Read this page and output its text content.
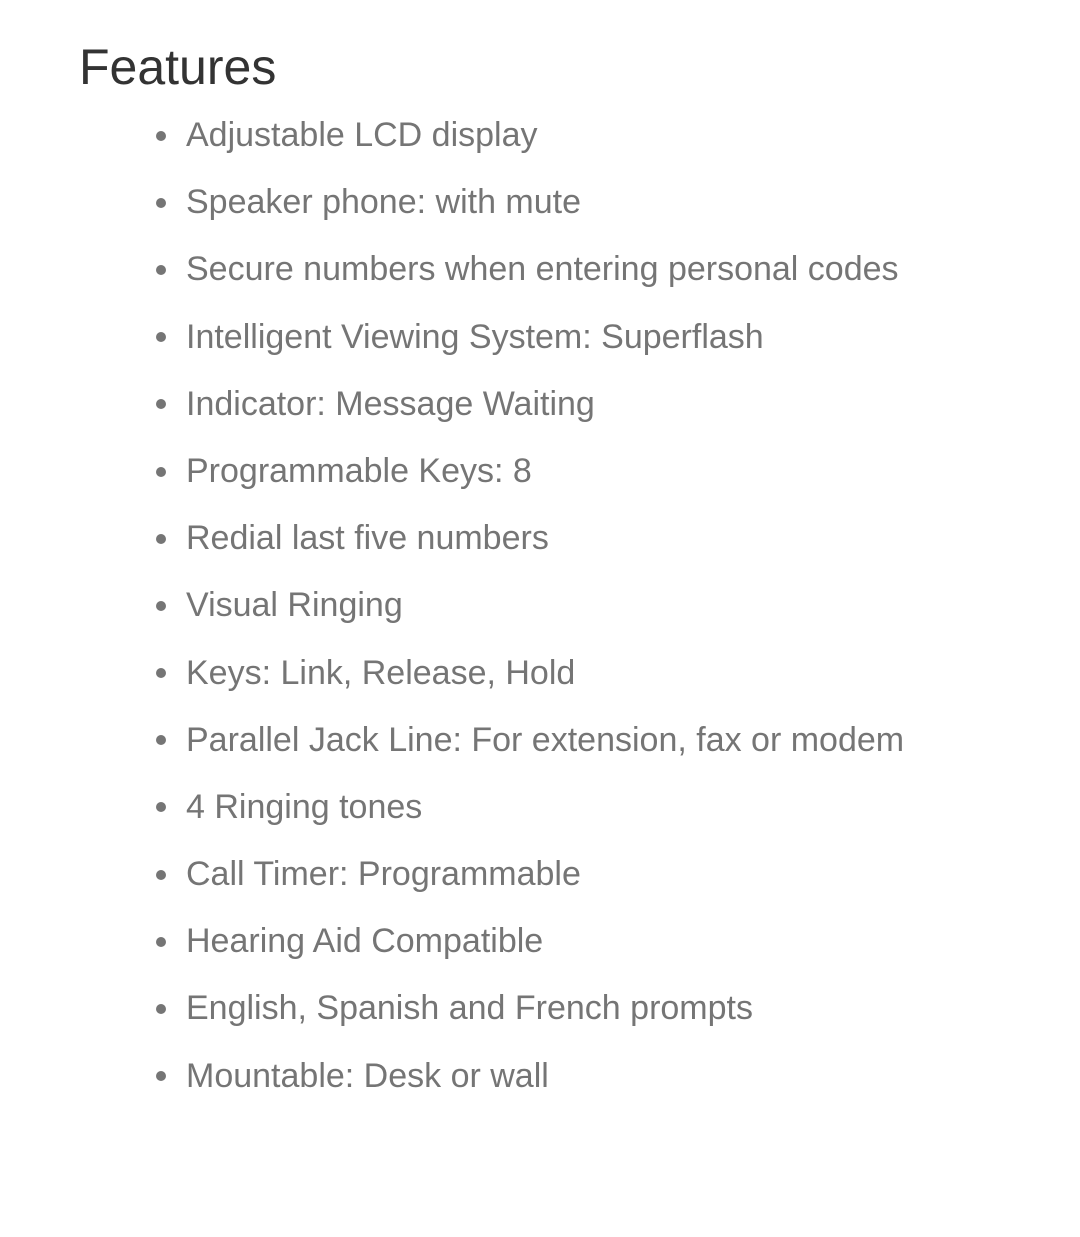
Features
Adjustable LCD display
Speaker phone: with mute
Secure numbers when entering personal codes
Intelligent Viewing System: Superflash
Indicator: Message Waiting
Programmable Keys: 8
Redial last five numbers
Visual Ringing
Keys: Link, Release, Hold
Parallel Jack Line: For extension, fax or modem
4 Ringing tones
Call Timer: Programmable
Hearing Aid Compatible
English, Spanish and French prompts
Mountable: Desk or wall
